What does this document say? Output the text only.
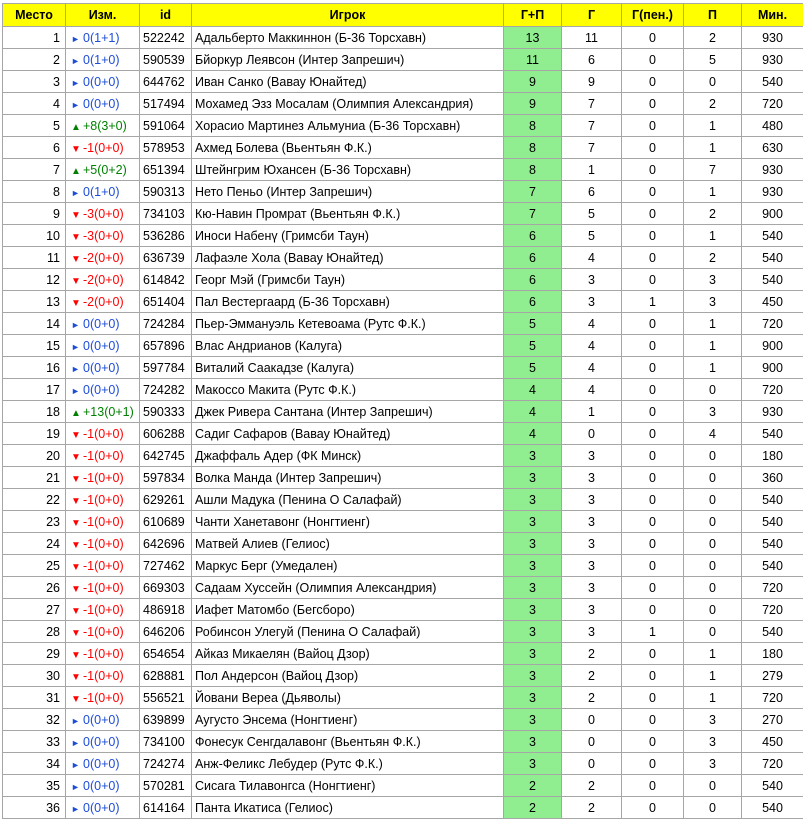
Место	Изм.	id	Игрок	Г+П	Г	Г(пен.)	П	Мин.
1	► 0(1+1)	522242	Адальберто Маккиннон (Б-36 Торсхавн)	13	11	0	2	930
2	► 0(1+0)	590539	Бйоркур Леявсон (Интер Запрешич)	11	6	0	5	930
3	► 0(0+0)	644762	Иван Санко (Вавау Юнайтед)	9	9	0	0	540
4	► 0(0+0)	517494	Мохамед Эзз Мосалам (Олимпия Александрия)	9	7	0	2	720
5	▲ +8(3+0)	591064	Хорасио Мартинез Альмуниа (Б-36 Торсхавн)	8	7	0	1	480
6	▼ -1(0+0)	578953	Ахмед Болева (Вьентьян Ф.К.)	8	7	0	1	630
7	▲ +5(0+2)	651394	Штейнгрим Юхансен (Б-36 Торсхавн)	8	1	0	7	930
8	► 0(1+0)	590313	Нето Пеньо (Интер Запрешич)	7	6	0	1	930
9	▼ -3(0+0)	734103	Кю-Навин Промрат (Вьентьян Ф.К.)	7	5	0	2	900
10	▼ -3(0+0)	536286	Иноси Набенү (Гримсби Таун)	6	5	0	1	540
11	▼ -2(0+0)	636739	Лафаэле Хола (Вавау Юнайтед)	6	4	0	2	540
12	▼ -2(0+0)	614842	Георг Мэй (Гримсби Таун)	6	3	0	3	540
13	▼ -2(0+0)	651404	Пал Вестергаард (Б-36 Торсхавн)	6	3	1	3	450
14	► 0(0+0)	724284	Пьер-Эммануэль Кетевоама (Рутс Ф.К.)	5	4	0	1	720
15	► 0(0+0)	657896	Влас Андрианов (Калуга)	5	4	0	1	900
16	► 0(0+0)	597784	Виталий Саакадзе (Калуга)	5	4	0	1	900
17	► 0(0+0)	724282	Макоссо Макита (Рутс Ф.К.)	4	4	0	0	720
18	▲ +13(0+1)	590333	Джек Ривера Сантана (Интер Запрешич)	4	1	0	3	930
19	▼ -1(0+0)	606288	Садиг Сафаров (Вавау Юнайтед)	4	0	0	4	540
20	▼ -1(0+0)	642745	Джаффаль Адер (ФК Минск)	3	3	0	0	180
21	▼ -1(0+0)	597834	Волка Манда (Интер Запрешич)	3	3	0	0	360
22	▼ -1(0+0)	629261	Ашли Мадука (Пенина О Салафай)	3	3	0	0	540
23	▼ -1(0+0)	610689	Чанти Ханетавонг (Нонгтиенг)	3	3	0	0	540
24	▼ -1(0+0)	642696	Матвей Алиев (Гелиос)	3	3	0	0	540
25	▼ -1(0+0)	727462	Маркус Берг (Умедален)	3	3	0	0	540
26	▼ -1(0+0)	669303	Садаам Хуссейн (Олимпия Александрия)	3	3	0	0	720
27	▼ -1(0+0)	486918	Иафет Матомбо (Бегсборо)	3	3	0	0	720
28	▼ -1(0+0)	646206	Робинсон Улегуй (Пенина О Салафай)	3	3	1	0	540
29	▼ -1(0+0)	654654	Айказ Микаелян (Вайоц Дзор)	3	2	0	1	180
30	▼ -1(0+0)	628881	Пол Андерсон (Вайоц Дзор)	3	2	0	1	279
31	▼ -1(0+0)	556521	Йовани Вереа (Дьяволы)	3	2	0	1	720
32	► 0(0+0)	639899	Аугусто Энсема (Нонгтиенг)	3	0	0	3	270
33	► 0(0+0)	734100	Фонесук Сенгдалавонг (Вьентьян Ф.К.)	3	0	0	3	450
34	► 0(0+0)	724274	Анж-Феликс Лебудер (Рутс Ф.К.)	3	0	0	3	720
35	► 0(0+0)	570281	Сисага Тилавонгса (Нонгтиенг)	2	2	0	0	540
36	► 0(0+0)	614164	Панта Икатиса (Гелиос)	2	2	0	0	540
